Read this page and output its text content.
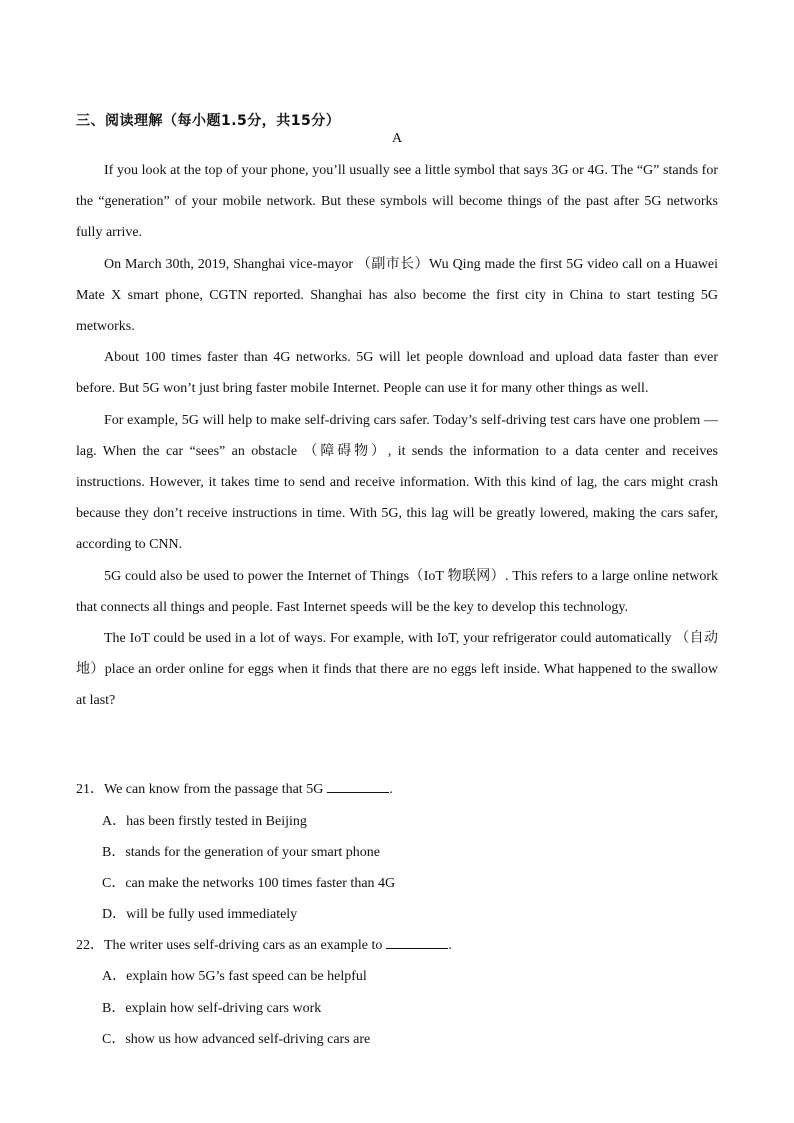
三、阅读理解（每小题1.5分，共15分）
A

If you look at the top of your phone, you’ll usually see a little symbol that says 3G or 4G. The “G” stands for the “generation” of your mobile network. But these symbols will become things of the past after 5G networks fully arrive.

On March 30th, 2019, Shanghai vice-mayor （副市长）Wu Qing made the first 5G video call on a Huawei Mate X smart phone, CGTN reported. Shanghai has also become the first city in China to start testing 5G metworks.

About 100 times faster than 4G networks. 5G will let people download and upload data faster than ever before. But 5G won’t just bring faster mobile Internet. People can use it for many other things as well.

For example, 5G will help to make self-driving cars safer. Today’s self-driving test cars have one problem —lag. When the car “sees” an obstacle （障碍物）, it sends the information to a data center and receives instructions. However, it takes time to send and receive information. With this kind of lag, the cars might crash because they don’t receive instructions in time. With 5G, this lag will be greatly lowered, making the cars safer, according to CNN.

5G could also be used to power the Internet of Things（IoT 物联网）. This refers to a large online network that connects all things and people. Fast Internet speeds will be the key to develop this technology.

The IoT could be used in a lot of ways. For example, with IoT, your refrigerator could automatically （自动地）place an order online for eggs when it finds that there are no eggs left inside. What happened to the swallow at last?

21．We can know from the passage that 5G	.
A．has been firstly tested in Beijing
B．stands for the generation of your smart phone
C．can make the networks 100 times faster than 4G
D．will be fully used immediately
22．The writer uses self-driving cars as an example to	.
A．explain how 5G’s fast speed can be helpful
B．explain how self-driving cars work
C．show us how advanced self-driving cars are
